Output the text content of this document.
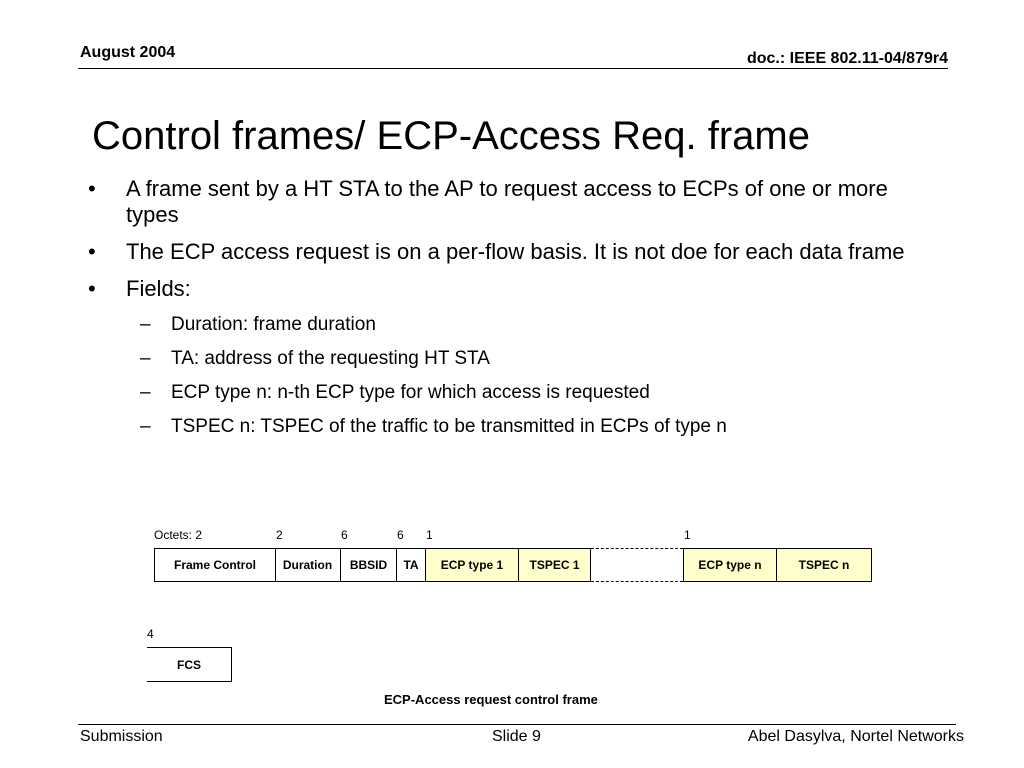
August 2004	doc.: IEEE 802.11-04/879r4
Control frames/ ECP-Access Req. frame
• A frame sent by a HT STA to the AP to request access to ECPs of one or more types
• The ECP access request is on a per-flow basis. It is not doe for each data frame
• Fields:
– Duration: frame duration
– TA: address of the requesting HT STA
– ECP type n: n-th ECP type for which access is requested
– TSPEC n: TSPEC of the traffic to be transmitted in ECPs of type n
Octets: 2	2	6	6 1	1
Frame Control	Duration	BBSID	TA	ECP type 1	TSPEC 1	ECP type n	TSPEC n
4
FCS
ECP-Access request control frame
Submission	Slide 9	Abel Dasylva, Nortel Networks
